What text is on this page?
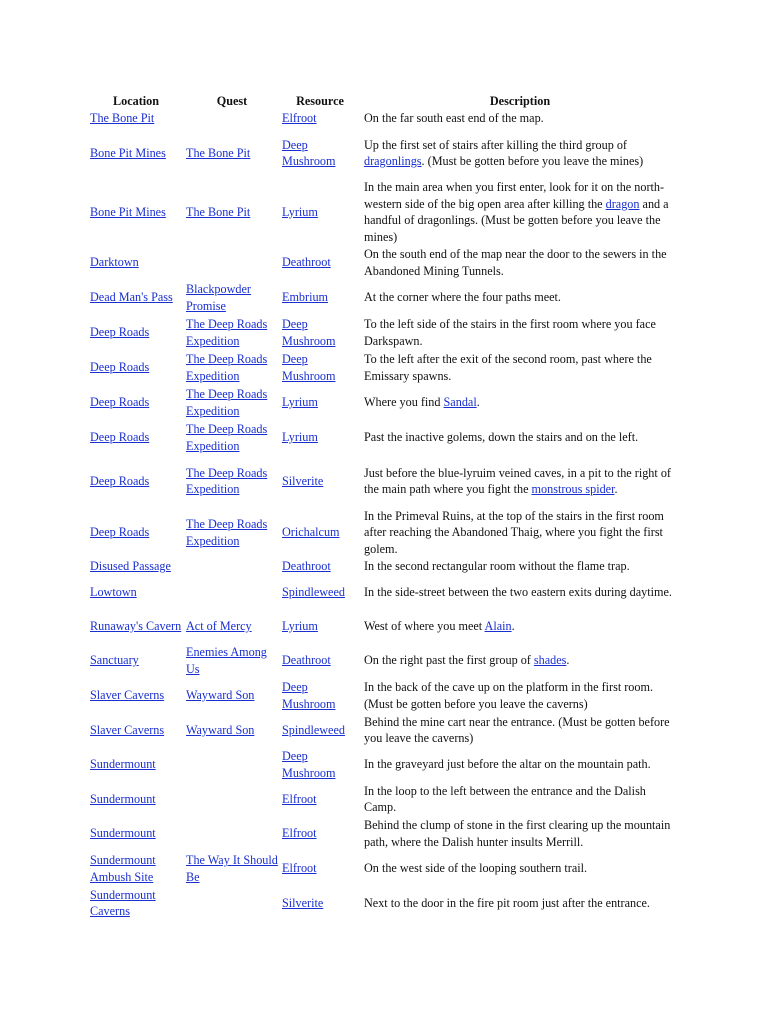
Location	Quest	Resource	Description
The Bone Pit		Elfroot	On the far south east end of the map.
Bone Pit Mines	The Bone Pit	Deep Mushroom	Up the first set of stairs after killing the third group of dragonlings. (Must be gotten before you leave the mines)
Bone Pit Mines	The Bone Pit	Lyrium	In the main area when you first enter, look for it on the north- western side of the big open area after killing the dragon and a handful of dragonlings. (Must be gotten before you leave the mines)
Darktown		Deathroot	On the south end of the map near the door to the sewers in the Abandoned Mining Tunnels.
Dead Man's Pass	Blackpowder Promise	Embrium	At the corner where the four paths meet.
Deep Roads	The Deep Roads Expedition	Deep Mushroom	To the left side of the stairs in the first room where you face Darkspawn.
Deep Roads	The Deep Roads Expedition	Deep Mushroom	To the left after the exit of the second room, past where the Emissary spawns.
Deep Roads	The Deep Roads Expedition	Lyrium	Where you find Sandal.
Deep Roads	The Deep Roads Expedition	Lyrium	Past the inactive golems, down the stairs and on the left.
Deep Roads	The Deep Roads Expedition	Silverite	Just before the blue-lyruim veined caves, in a pit to the right of the main path where you fight the monstrous spider.
Deep Roads	The Deep Roads Expedition	Orichalcum	In the Primeval Ruins, at the top of the stairs in the first room after reaching the Abandoned Thaig, where you fight the first golem.
Disused Passage		Deathroot	In the second rectangular room without the flame trap.
Lowtown		Spindleweed	In the side-street between the two eastern exits during daytime.
Runaway's Cavern	Act of Mercy	Lyrium	West of where you meet Alain.
Sanctuary	Enemies Among Us	Deathroot	On the right past the first group of shades.
Slaver Caverns	Wayward Son	Deep Mushroom	In the back of the cave up on the platform in the first room. (Must be gotten before you leave the caverns)
Slaver Caverns	Wayward Son	Spindleweed	Behind the mine cart near the entrance. (Must be gotten before you leave the caverns)
Sundermount		Deep Mushroom	In the graveyard just before the altar on the mountain path.
Sundermount		Elfroot	In the loop to the left between the entrance and the Dalish Camp.
Sundermount		Elfroot	Behind the clump of stone in the first clearing up the mountain path, where the Dalish hunter insults Merrill.
Sundermount Ambush Site	The Way It Should Be	Elfroot	On the west side of the looping southern trail.
Sundermount Caverns		Silverite	Next to the door in the fire pit room just after the entrance.
